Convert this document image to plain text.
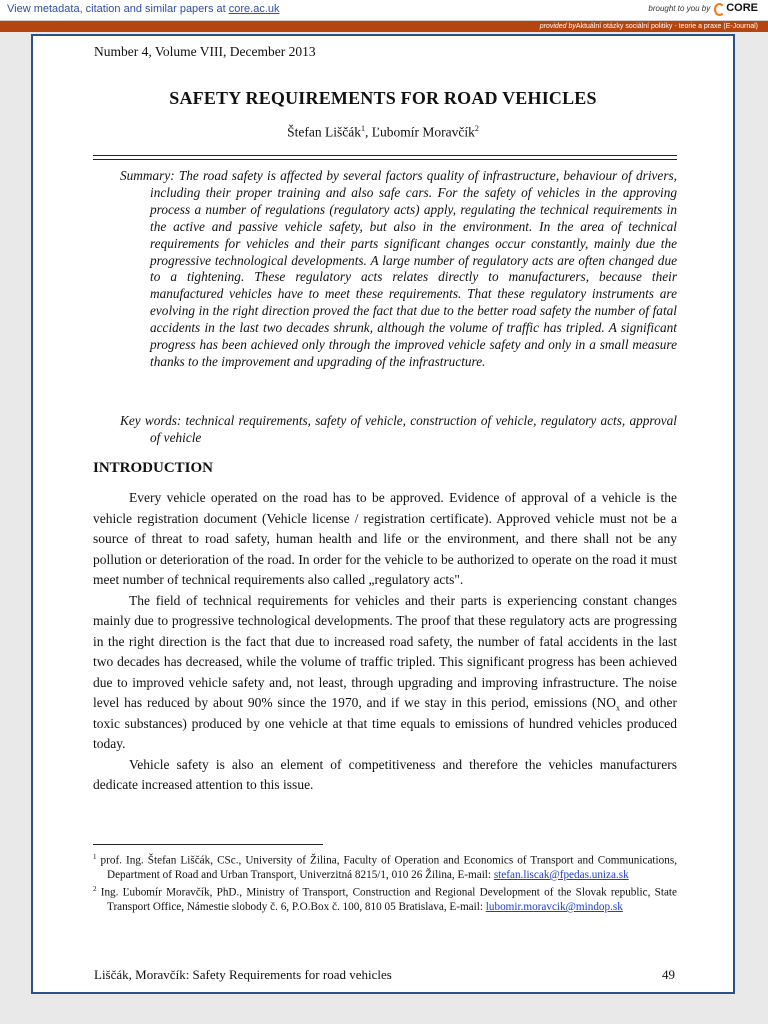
View metadata, citation and similar papers at core.ac.uk	brought to you by CORE
provided byAktuální otázky sociální politiky - teorie a praxe (E-Journal)
Number 4, Volume VIII, December 2013
SAFETY REQUIREMENTS FOR ROAD VEHICLES
Štefan Liščák$^1$, Ľubomír Moravčík$^2$
Summary: The road safety is affected by several factors quality of infrastructure, behaviour of drivers, including their proper training and also safe cars. For the safety of vehicles in the approving process a number of regulations (regulatory acts) apply, regulating the technical requirements in the active and passive vehicle safety, but also in the environment. In the area of technical requirements for vehicles and their parts significant changes occur constantly, mainly due the progressive technological developments. A large number of regulatory acts are often changed due to a tightening. These regulatory acts relates directly to manufacturers, because their manufactured vehicles have to meet these requirements. That these regulatory instruments are evolving in the right direction proved the fact that due to the better road safety the number of fatal accidents in the last two decades shrunk, although the volume of traffic has tripled. A significant progress has been achieved only through the improved vehicle safety and only in a small measure thanks to the improvement and upgrading of the infrastructure.
Key words: technical requirements, safety of vehicle, construction of vehicle, regulatory acts, approval of vehicle
INTRODUCTION

Every vehicle operated on the road has to be approved. Evidence of approval of a vehicle is the vehicle registration document (Vehicle license / registration certificate). Approved vehicle must not be a source of threat to road safety, human health and life or the environment, and there shall not be any pollution or deterioration of the road. In order for the vehicle to be authorized to operate on the road it must meet number of technical requirements also called „regulatory acts".

The field of technical requirements for vehicles and their parts is experiencing constant changes mainly due to progressive technological developments. The proof that these regulatory acts are progressing in the right direction is the fact that due to increased road safety, the number of fatal accidents in the last two decades has decreased, while the volume of traffic tripled. This significant progress has been achieved due to improved vehicle safety and, not least, through upgrading and improving infrastructure. The noise level has reduced by about 90% since the 1970, and if we stay in this period, emissions ($NO_x$ and other toxic substances) produced by one vehicle at that time equals to emissions of hundred vehicles produced today.

Vehicle safety is also an element of competitiveness and therefore the vehicles manufacturers dedicate increased attention to this issue.

$^1$ prof. Ing. Štefan Liščák, CSc., University of Žilina, Faculty of Operation and Economics of Transport and Communications, Department of Road and Urban Transport, Univerzitná 8215/1, 010 26 Žilina, E-mail: stefan.liscak@fpedas.uniza.sk
$^2$ Ing. Ľubomír Moravčík, PhD., Ministry of Transport, Construction and Regional Development of the Slovak republic, State Transport Office, Námestie slobody č. 6, P.O.Box č. 100, 810 05 Bratislava, E-mail: lubomir.moravcik@mindop.sk
Liščák, Moravčík: Safety Requirements for road vehicles	49
